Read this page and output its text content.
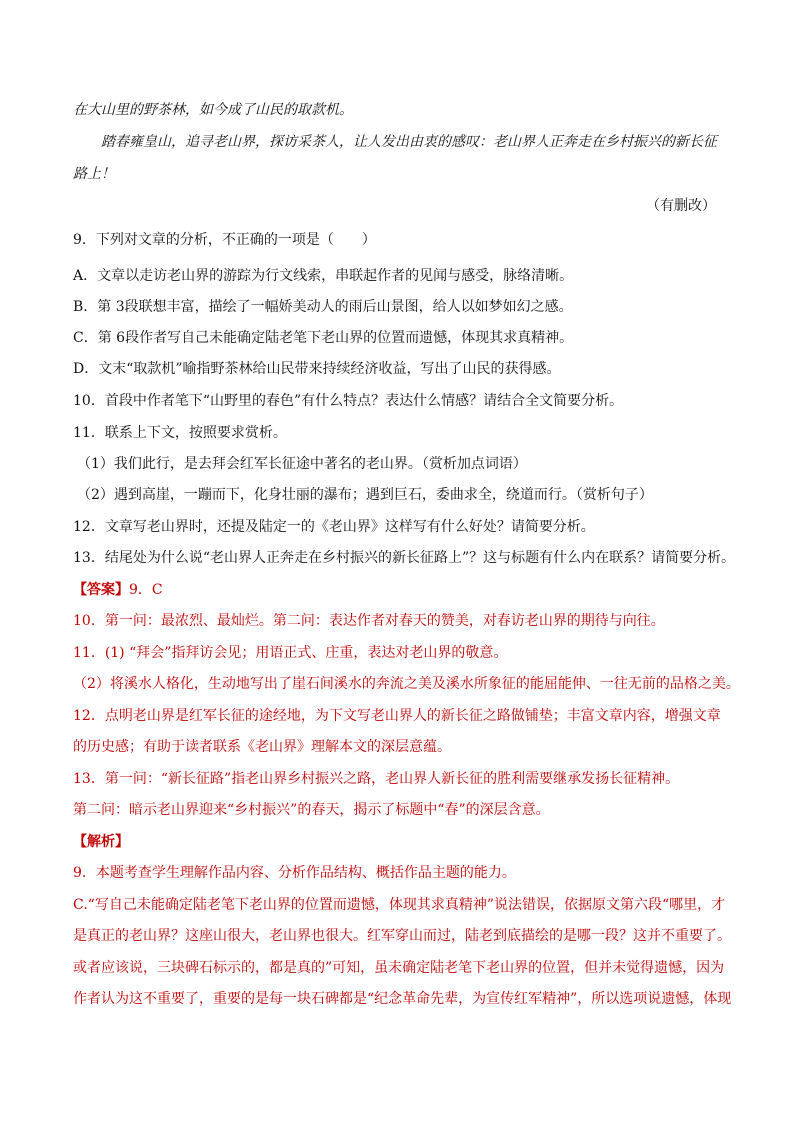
在大山里的野茶林，如今成了山民的取款机。
踏春雍皇山，追寻老山界，探访采茶人，让人发出由衷的感叹：老山界人正奔走在乡村振兴的新长征
路上！
（有删改）
9．下列对文章的分析，不正确的一项是（　　）
A．文章以走访老山界的游踪为行文线索，串联起作者的见闻与感受，脉络清晰。
B．第 3段联想丰富，描绘了一幅娇美动人的雨后山景图，给人以如梦如幻之感。
C．第 6段作者写自己未能确定陆老笔下老山界的位置而遗憾，体现其求真精神。
D．文末“取款机”喻指野茶林给山民带来持续经济收益，写出了山民的获得感。
10．首段中作者笔下“山野里的春色”有什么特点？表达什么情感？请结合全文简要分析。
11．联系上下文，按照要求赏析。
（1）我们此行，是去拜会红军长征途中著名的老山界。（赏析加点词语）
（2）遇到高崖，一蹦而下，化身壮丽的瀑布；遇到巨石，委曲求全，绕道而行。（赏析句子）
12．文章写老山界时，还提及陆定一的《老山界》这样写有什么好处？请简要分析。
13．结尾处为什么说“老山界人正奔走在乡村振兴的新长征路上”？这与标题有什么内在联系？请简要分析。
【答案】9．C
10．第一问：最浓烈、最灿烂。第二问：表达作者对春天的赞美，对春访老山界的期待与向往。
11．(1) “拜会”指拜访会见；用语正式、庄重，表达对老山界的敬意。
（2）将溪水人格化，生动地写出了崖石间溪水的奔流之美及溪水所象征的能屈能伸、一往无前的品格之美。
12．点明老山界是红军长征的途经地，为下文写老山界人的新长征之路做铺垫；丰富文章内容，增强文章
的历史感；有助于读者联系《老山界》理解本文的深层意蕴。
13．第一问：“新长征路”指老山界乡村振兴之路，老山界人新长征的胜利需要继承发扬长征精神。
第二问：暗示老山界迎来“乡村振兴”的春天，揭示了标题中“春”的深层含意。
【解析】
9．本题考查学生理解作品内容、分析作品结构、概括作品主题的能力。
C.“写自己未能确定陆老笔下老山界的位置而遗憾，体现其求真精神”说法错误，依据原文第六段“哪里，才
是真正的老山界？这座山很大，老山界也很大。红军穿山而过，陆老到底描绘的是哪一段？这并不重要了。
或者应该说，三块碑石标示的，都是真的”可知，虽未确定陆老笔下老山界的位置，但并未觉得遗憾，因为
作者认为这不重要了，重要的是每一块石碑都是“纪念革命先辈，为宣传红军精神”，所以选项说遗憾，体现
